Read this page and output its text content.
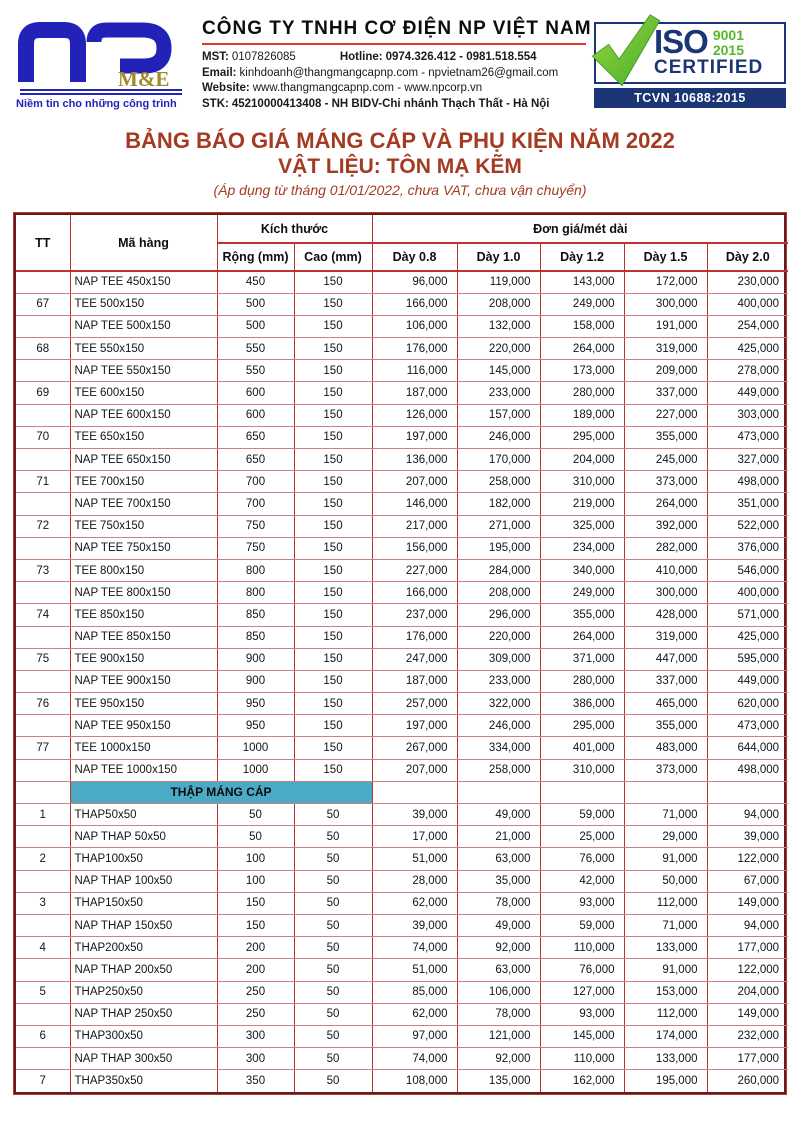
M&E
Niềm tin cho những công trình
CÔNG TY TNHH CƠ ĐIỆN NP VIỆT NAM
MST: 0107826085	Hotline: 0974.326.412 - 0981.518.554
Email: kinhdoanh@thangmangcapnp.com - npvietnam26@gmail.com
Website: www.thangmangcapnp.com - www.npcorp.vn
STK: 45210000413408 - NH BIDV-Chi nhánh Thạch Thất - Hà Nội
ISO 9001
2015
CERTIFIED
TCVN 10688:2015
BẢNG BÁO GIÁ MÁNG CÁP VÀ PHỤ KIỆN NĂM 2022
VẬT LIỆU: TÔN MẠ KẼM
(Áp dụng từ tháng 01/01/2022, chưa VAT, chưa vận chuyển)
TT	Mã hàng	Kích thước		Đơn giá/mét dài				
		Rộng (mm)	Cao (mm)	Dày 0.8	Dày 1.0	Dày 1.2	Dày 1.5	Dày 2.0
	NAP TEE 450x150	450	150	96,000	119,000	143,000	172,000	230,000
67	TEE 500x150	500	150	166,000	208,000	249,000	300,000	400,000
	NAP TEE 500x150	500	150	106,000	132,000	158,000	191,000	254,000
68	TEE 550x150	550	150	176,000	220,000	264,000	319,000	425,000
	NAP TEE 550x150	550	150	116,000	145,000	173,000	209,000	278,000
69	TEE 600x150	600	150	187,000	233,000	280,000	337,000	449,000
	NAP TEE 600x150	600	150	126,000	157,000	189,000	227,000	303,000
70	TEE 650x150	650	150	197,000	246,000	295,000	355,000	473,000
	NAP TEE 650x150	650	150	136,000	170,000	204,000	245,000	327,000
71	TEE 700x150	700	150	207,000	258,000	310,000	373,000	498,000
	NAP TEE 700x150	700	150	146,000	182,000	219,000	264,000	351,000
72	TEE 750x150	750	150	217,000	271,000	325,000	392,000	522,000
	NAP TEE 750x150	750	150	156,000	195,000	234,000	282,000	376,000
73	TEE 800x150	800	150	227,000	284,000	340,000	410,000	546,000
	NAP TEE 800x150	800	150	166,000	208,000	249,000	300,000	400,000
74	TEE 850x150	850	150	237,000	296,000	355,000	428,000	571,000
	NAP TEE 850x150	850	150	176,000	220,000	264,000	319,000	425,000
75	TEE 900x150	900	150	247,000	309,000	371,000	447,000	595,000
	NAP TEE 900x150	900	150	187,000	233,000	280,000	337,000	449,000
76	TEE 950x150	950	150	257,000	322,000	386,000	465,000	620,000
	NAP TEE 950x150	950	150	197,000	246,000	295,000	355,000	473,000
77	TEE 1000x150	1000	150	267,000	334,000	401,000	483,000	644,000
	NAP TEE 1000x150	1000	150	207,000	258,000	310,000	373,000	498,000
	THẬP MÁNG CÁP							
1	THAP50x50	50	50	39,000	49,000	59,000	71,000	94,000
	NAP THAP 50x50	50	50	17,000	21,000	25,000	29,000	39,000
2	THAP100x50	100	50	51,000	63,000	76,000	91,000	122,000
	NAP THAP 100x50	100	50	28,000	35,000	42,000	50,000	67,000
3	THAP150x50	150	50	62,000	78,000	93,000	112,000	149,000
	NAP THAP 150x50	150	50	39,000	49,000	59,000	71,000	94,000
4	THAP200x50	200	50	74,000	92,000	110,000	133,000	177,000
	NAP THAP 200x50	200	50	51,000	63,000	76,000	91,000	122,000
5	THAP250x50	250	50	85,000	106,000	127,000	153,000	204,000
	NAP THAP 250x50	250	50	62,000	78,000	93,000	112,000	149,000
6	THAP300x50	300	50	97,000	121,000	145,000	174,000	232,000
	NAP THAP 300x50	300	50	74,000	92,000	110,000	133,000	177,000
7	THAP350x50	350	50	108,000	135,000	162,000	195,000	260,000
